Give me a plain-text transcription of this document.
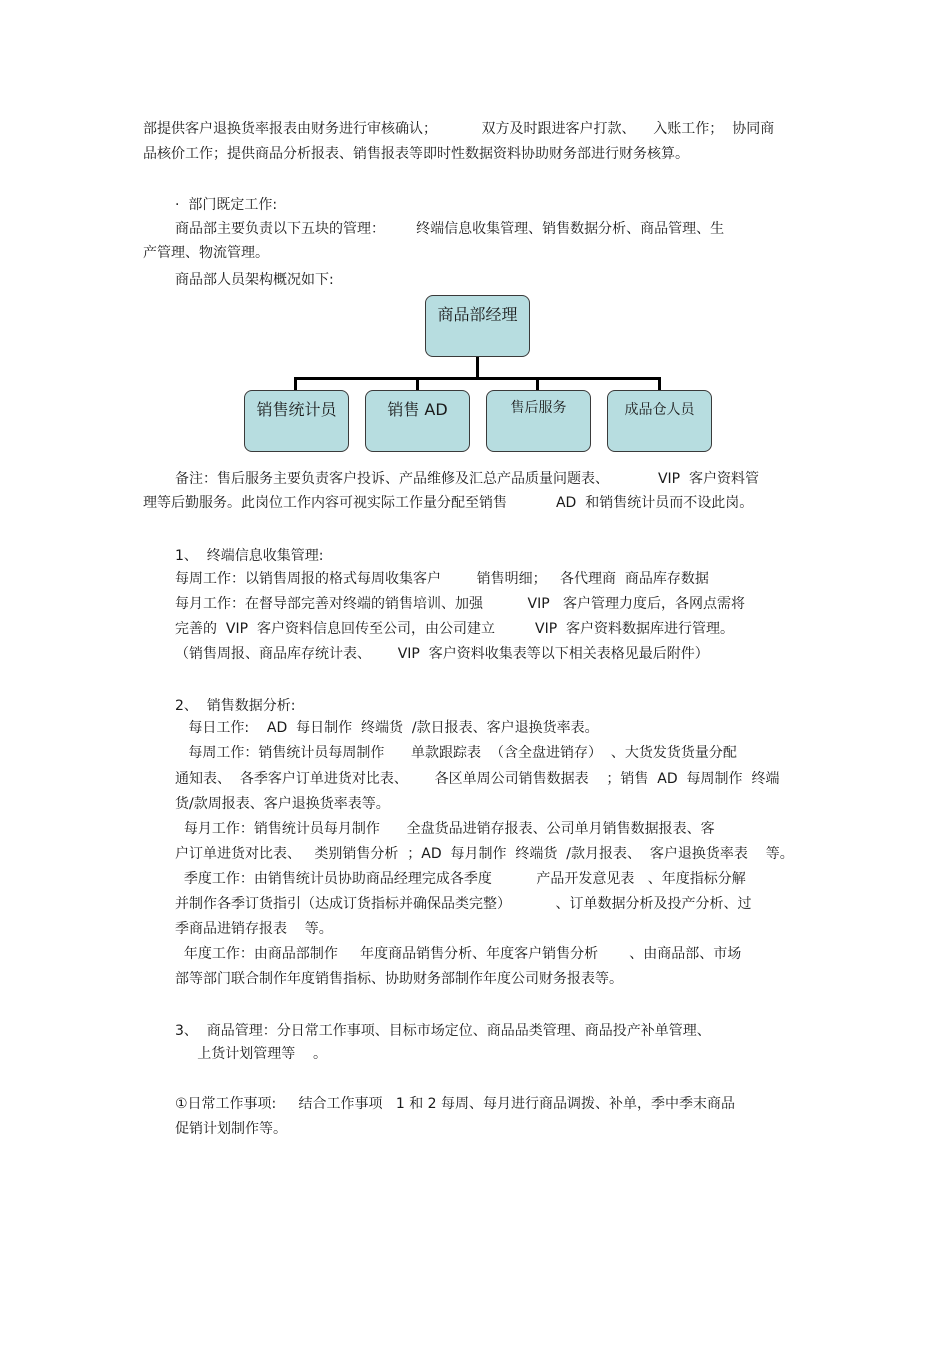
部提供客户退换货率报表由财务进行审核确认；          双方及时跟进客户打款、    入账工作；  协同商
品核价工作；提供商品分析报表、销售报表等即时性数据资料协助财务部进行财务核算。
·  部门既定工作:
商品部主要负责以下五块的管理：       终端信息收集管理、销售数据分析、商品管理、生
产管理、物流管理。
商品部人员架构概况如下:
商品部经理
销售统计员	销售 AD	售后服务	成品仓人员
备注：售后服务主要负责客户投诉、产品维修及汇总产品质量问题表、           VIP  客户资料管
理等后勤服务。此岗位工作内容可视实际工作量分配至销售           AD  和销售统计员而不设此岗。
1、  终端信息收集管理:
每周工作：以销售周报的格式每周收集客户        销售明细；   各代理商  商品库存数据
每月工作：在督导部完善对终端的销售培训、加强          VIP   客户管理力度后，各网点需将
完善的  VIP  客户资料信息回传至公司，由公司建立         VIP  客户资料数据库进行管理。
（销售周报、商品库存统计表、      VIP  客户资料收集表等以下相关表格见最后附件）
2、  销售数据分析:
每日工作:    AD  每日制作  终端货  /款日报表、客户退换货率表。
每周工作：销售统计员每周制作      单款跟踪表  （含全盘进销存）  、大货发货货量分配
通知表、  各季客户订单进货对比表、      各区单周公司销售数据表    ；销售  AD  每周制作  终端
货/款周报表、客户退换货率表等。
每月工作：销售统计员每月制作      全盘货品进销存报表、公司单月销售数据报表、客
户订单进货对比表、   类别销售分析  ；AD  每月制作  终端货  /款月报表、  客户退换货率表    等。
季度工作：由销售统计员协助商品经理完成各季度          产品开发意见表   、年度指标分解
并制作各季订货指引（达成订货指标并确保品类完整）          、订单数据分析及投产分析、过
季商品进销存报表    等。
年度工作：由商品部制作     年度商品销售分析、年度客户销售分析       、由商品部、市场
部等部门联合制作年度销售指标、协助财务部制作年度公司财务报表等。
3、  商品管理：分日常工作事项、目标市场定位、商品品类管理、商品投产补单管理、
上货计划管理等    。
①日常工作事项:     结合工作事项   1 和 2 每周、每月进行商品调拨、补单，季中季末商品
促销计划制作等。
